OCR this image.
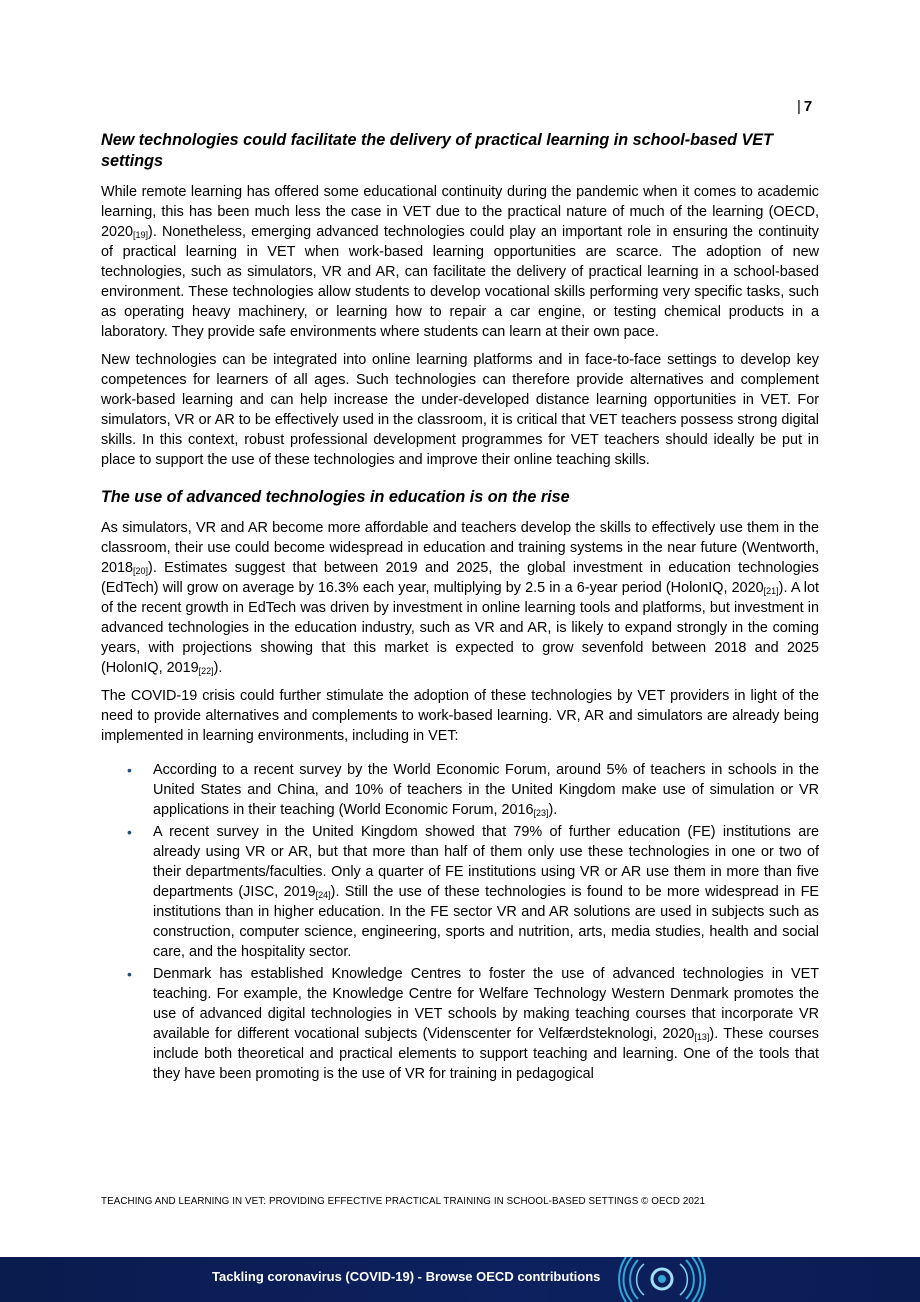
| 7
New technologies could facilitate the delivery of practical learning in school-based VET settings

While remote learning has offered some educational continuity during the pandemic when it comes to academic learning, this has been much less the case in VET due to the practical nature of much of the learning (OECD, $2020_{[19]}$). Nonetheless, emerging advanced technologies could play an important role in ensuring the continuity of practical learning in VET when work-based learning opportunities are scarce. The adoption of new technologies, such as simulators, VR and AR, can facilitate the delivery of practical learning in a school-based environment. These technologies allow students to develop vocational skills performing very specific tasks, such as operating heavy machinery, or learning how to repair a car engine, or testing chemical products in a laboratory. They provide safe environments where students can learn at their own pace.

New technologies can be integrated into online learning platforms and in face-to-face settings to develop key competences for learners of all ages. Such technologies can therefore provide alternatives and complement work-based learning and can help increase the under-developed distance learning opportunities in VET. For simulators, VR or AR to be effectively used in the classroom, it is critical that VET teachers possess strong digital skills. In this context, robust professional development programmes for VET teachers should ideally be put in place to support the use of these technologies and improve their online teaching skills.

The use of advanced technologies in education is on the rise

As simulators, VR and AR become more affordable and teachers develop the skills to effectively use them in the classroom, their use could become widespread in education and training systems in the near future (Wentworth, $2018_{[20]}$). Estimates suggest that between 2019 and 2025, the global investment in education technologies (EdTech) will grow on average by 16.3% each year, multiplying by 2.5 in a 6-year period (HolonIQ, $2020_{[21]}$). A lot of the recent growth in EdTech was driven by investment in online learning tools and platforms, but investment in advanced technologies in the education industry, such as VR and AR, is likely to expand strongly in the coming years, with projections showing that this market is expected to grow sevenfold between 2018 and 2025 (HolonIQ, $2019_{[22]}$).

The COVID-19 crisis could further stimulate the adoption of these technologies by VET providers in light of the need to provide alternatives and complements to work-based learning. VR, AR and simulators are already being implemented in learning environments, including in VET:

• According to a recent survey by the World Economic Forum, around 5% of teachers in schools in the United States and China, and 10% of teachers in the United Kingdom make use of simulation or VR applications in their teaching (World Economic Forum, $2016_{[23]}$).
• A recent survey in the United Kingdom showed that 79% of further education (FE) institutions are already using VR or AR, but that more than half of them only use these technologies in one or two of their departments/faculties. Only a quarter of FE institutions using VR or AR use them in more than five departments (JISC, $2019_{[24]}$). Still the use of these technologies is found to be more widespread in FE institutions than in higher education. In the FE sector VR and AR solutions are used in subjects such as construction, computer science, engineering, sports and nutrition, arts, media studies, health and social care, and the hospitality sector.
• Denmark has established Knowledge Centres to foster the use of advanced technologies in VET teaching. For example, the Knowledge Centre for Welfare Technology Western Denmark promotes the use of advanced digital technologies in VET schools by making teaching courses that incorporate VR available for different vocational subjects (Videnscenter for Velfærdsteknologi, $2020_{[13]}$). These courses include both theoretical and practical elements to support teaching and learning. One of the tools that they have been promoting is the use of VR for training in pedagogical
TEACHING AND LEARNING IN VET: PROVIDING EFFECTIVE PRACTICAL TRAINING IN SCHOOL-BASED SETTINGS © OECD 2021
Tackling coronavirus (COVID-19) - Browse OECD contributions
